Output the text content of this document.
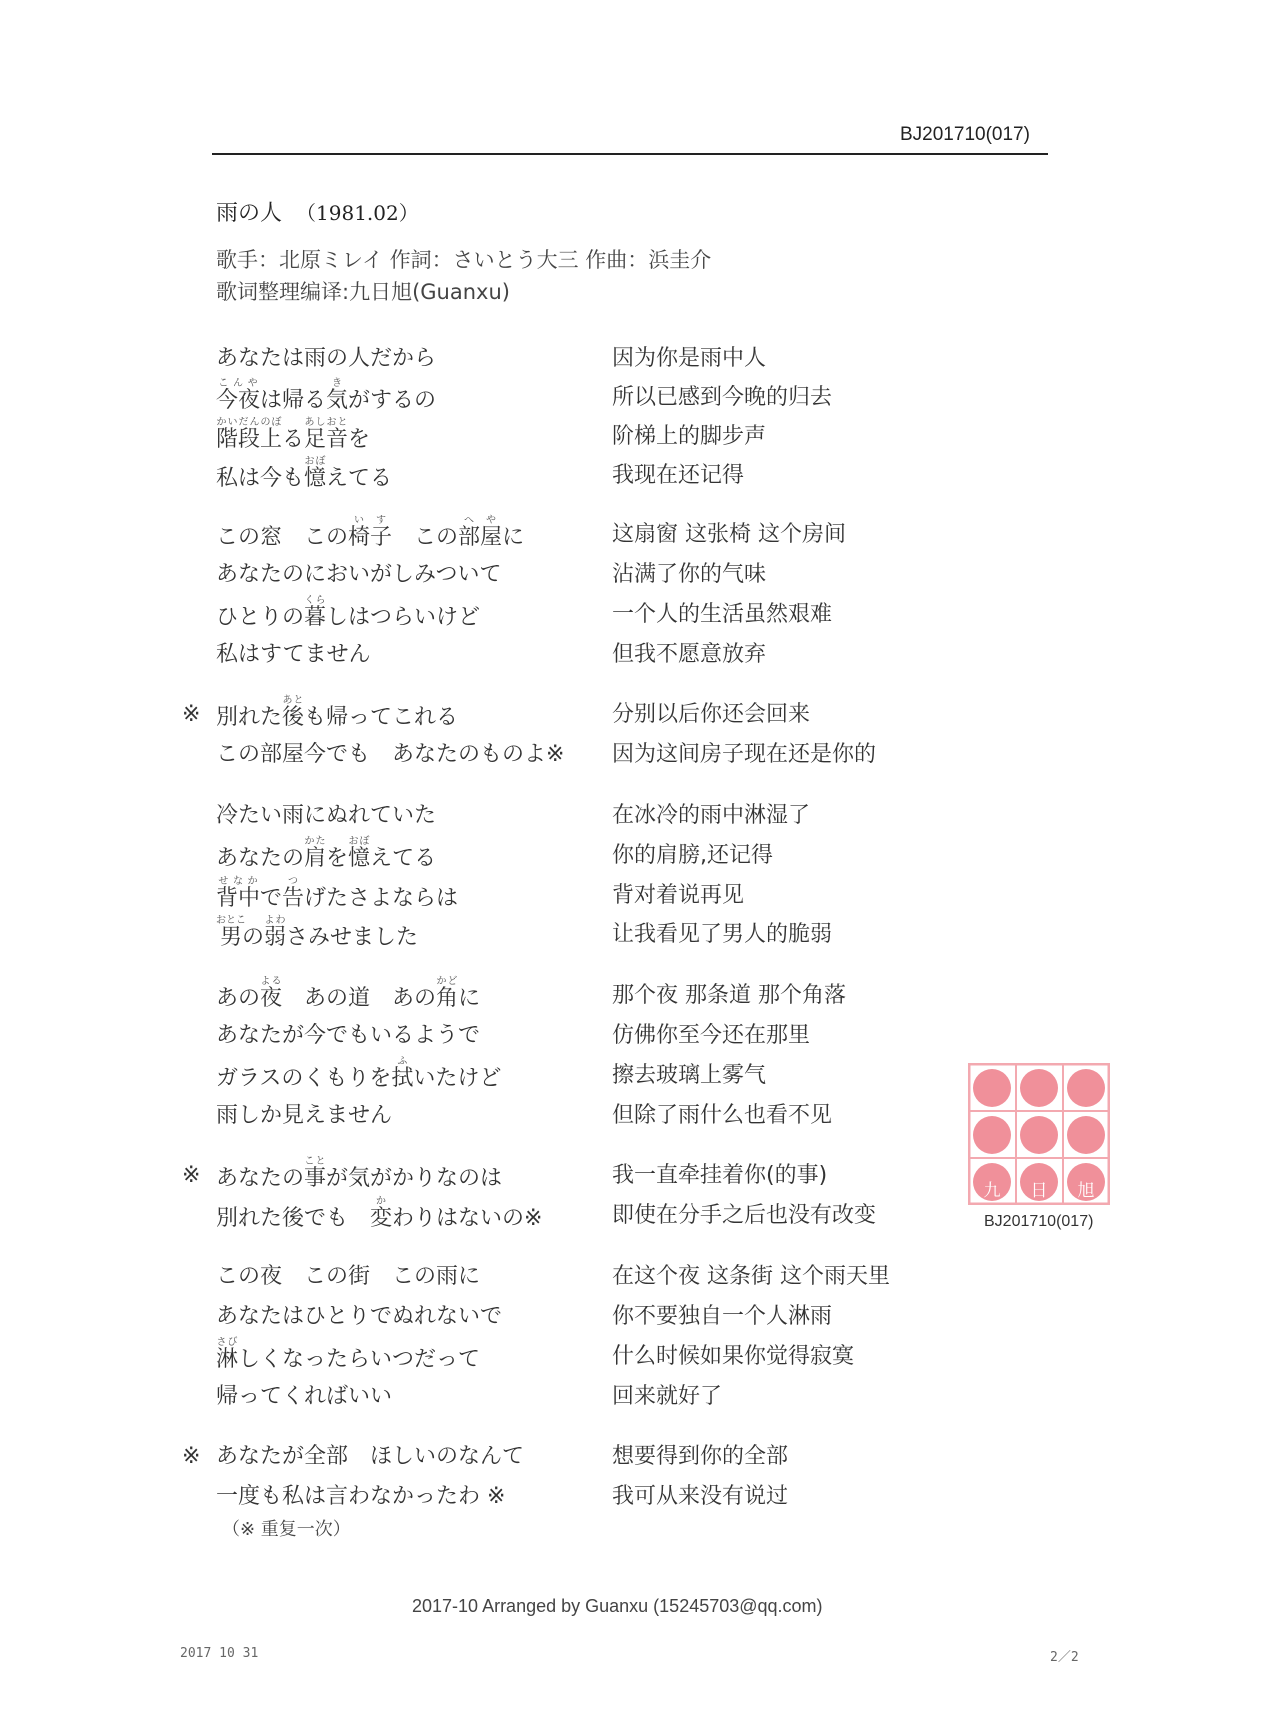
BJ201710(017)
雨の人 （1981.02）
歌手：北原ミレイ 作詞：さいとう大三 作曲：浜圭介
歌词整理编译:九日旭(Guanxu)
あなたは雨の人だから	因为你是雨中人
今夜こんやは帰る気きがするの	所以已感到今晚的归去
階段上かいだんのぼる足音あしおとを	阶梯上的脚步声
私は今も憶おぼえてる	我现在还记得
この窓　この椅子いす　この部屋へやに	这扇窗 这张椅 这个房间
あなたのにおいがしみついて	沾满了你的气味
ひとりの暮くらしはつらいけど	一个人的生活虽然艰难
私はすてません	但我不愿意放弃
※ 別れた後あとも帰ってこれる	分别以后你还会回来
この部屋今でも　あなたのものよ※ 因为这间房子现在还是你的
冷たい雨にぬれていた	在冰冷的雨中淋湿了
あなたの肩かたを憶おぼえてる	你的肩膀,还记得
背中せなかで告つげたさよならは	背对着说再见
男おとこの弱よわさみせました	让我看见了男人的脆弱
あの夜よる　あの道　あの角かどに	那个夜 那条道 那个角落
あなたが今でもいるようで	仿佛你至今还在那里
ガラスのくもりを拭ふいたけど	擦去玻璃上雾气
雨しか見えません	但除了雨什么也看不见
※ あなたの事ことが気がかりなのは	我一直牵挂着你(的事)
別れた後でも　変かわりはないの※	即使在分手之后也没有改变
この夜　この街　この雨に	在这个夜 这条街 这个雨天里
あなたはひとりでぬれないで	你不要独自一个人淋雨
淋さびしくなったらいつだって	什么时候如果你觉得寂寞
帰ってくればいい	回来就好了
※ あなたが全部　ほしいのなんて	想要得到你的全部
一度も私は言わなかったわ ※	我可从来没有说过
（※ 重复一次）
九 日 旭
BJ201710(017)
2017-10 Arranged by Guanxu (15245703@qq.com)
2017 10 31	2／2
